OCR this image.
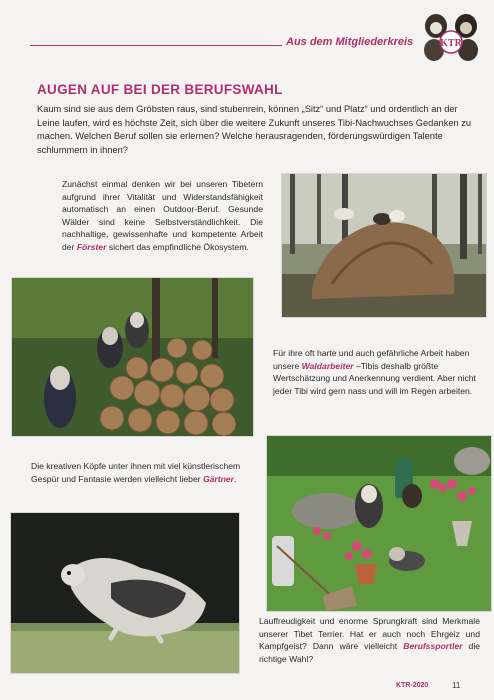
Aus dem Mitgliederkreis	KTR
AUGEN AUF BEI DER BERUFSWAHL
Kaum sind sie aus dem Gröbsten raus, sind stubenrein, können „Sitz“ und Platz“ und ordentlich an der Leine laufen, wird es höchste Zeit, sich über die weitere Zukunft unseres Tibi-Nachwuchses Gedanken zu machen. Welchen Beruf sollen sie erlernen? Welche herausragenden, förderungswürdigen Talente schlummern in ihnen?
Zunächst einmal denken wir bei unseren Tibetern aufgrund ihrer Vitalität und Widerstandsfähigkeit automatisch an einen Outdoor-Beruf. Gesunde Wälder sind keine Selbstverständlichkeit. Die nachhaltige, gewissenhafte und kompetente Arbeit der Förster sichert das empfindliche Ökosystem.
Für ihre oft harte und auch gefährliche Arbeit haben unsere Waldarbeiter –Tibis deshalb größte Wertschätzung und Anerkennung verdient. Aber nicht jeder Tibi wird gern nass und will im Regen arbeiten.
Die kreativen Köpfe unter ihnen mit viel künstlerischem Gespür und Fantasie werden vielleicht lieber Gärtner.
Lauffreudigkeit und enorme Sprungkraft sind Merkmale unserer Tibet Terrier. Hat er auch noch Ehrgeiz und Kampfgeist? Dann wäre vielleicht Berufssportler die richtige Wahl?
KTR-2020	11
